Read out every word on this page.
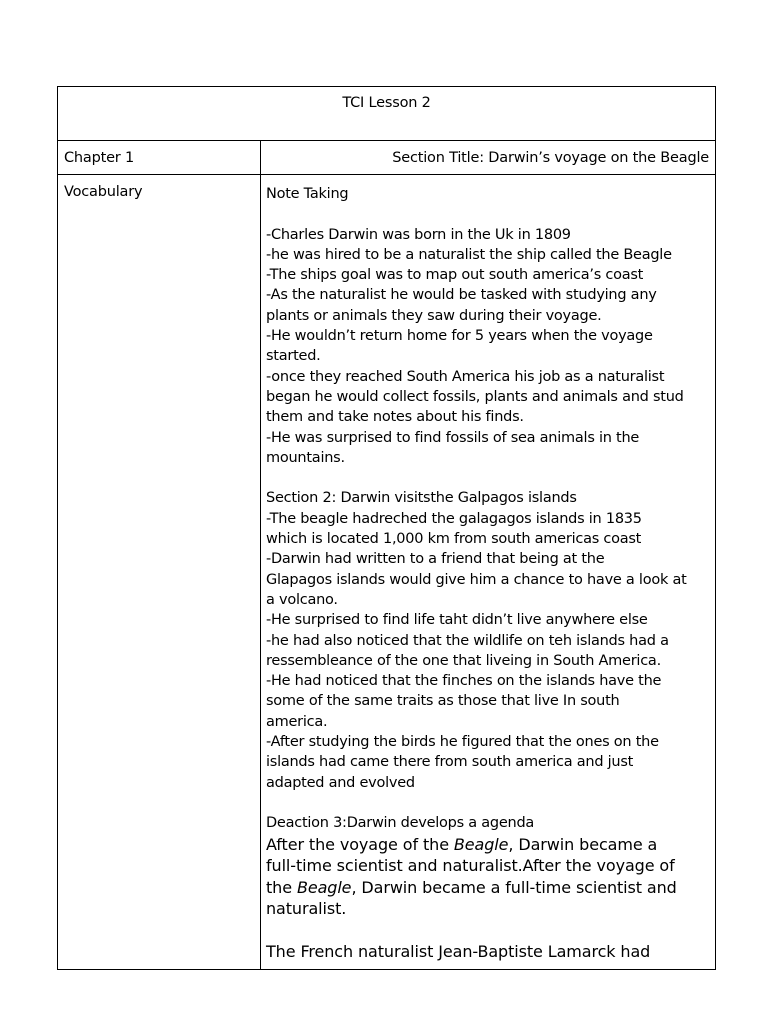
TCI Lesson 2
Chapter 1	Section Title: Darwin’s voyage on the Beagle
Vocabulary	Note Taking
-Charles Darwin was born in the Uk in 1809
-he was hired to be a naturalist the ship called the Beagle
-The ships goal was to map out south america’s coast
-As the naturalist he would be tasked with studying any
plants or animals they saw during their voyage.
-He wouldn’t return home for 5 years when the voyage
started.
-once they reached South America his job as a naturalist
began he would collect fossils, plants and animals and stud
them and take notes about his finds.
-He was surprised to find fossils of sea animals in the
mountains.
Section 2: Darwin visitsthe Galpagos islands
-The beagle hadreched the galagagos islands in 1835
which is located 1,000 km from south americas coast
-Darwin had written to a friend that being at the
Glapagos islands would give him a chance to have a look at
a volcano.
-He surprised to find life taht didn’t live anywhere else
-he had also noticed that the wildlife on teh islands had a
ressembleance of the one that liveing in South America.
-He had noticed that the finches on the islands have the
some of the same traits as those that live In south
america.
-After studying the birds he figured that the ones on the
islands had came there from south america and just
adapted and evolved
Deaction 3:Darwin develops a agenda
After the voyage of the Beagle, Darwin became a
full-time scientist and naturalist.After the voyage of
the Beagle, Darwin became a full-time scientist and
naturalist.
The French naturalist Jean-Baptiste Lamarck had
